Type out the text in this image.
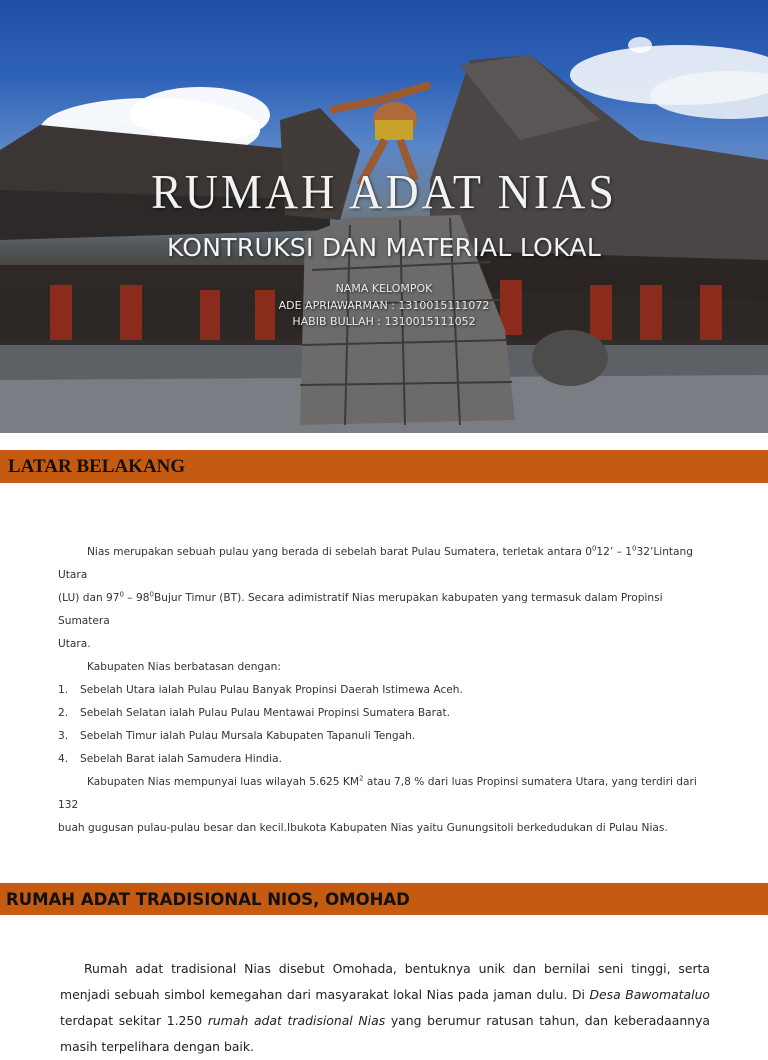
RUMAH ADAT NIAS
KONTRUKSI DAN MATERIAL LOKAL
NAMA KELOMPOK
ADE APRIAWARMAN : 1310015111072
HABIB BULLAH : 1310015111052
LATAR BELAKANG
Nias merupakan sebuah pulau yang berada di sebelah barat Pulau Sumatera, terletak antara $0^012$’ – $1^032’Lintang$ Utara
(LU) dan $97^0$ – $98^0Bujur$ Timur (BT). Secara adimistratif Nias merupakan kabupaten yang termasuk dalam Propinsi Sumatera
Utara.
Kabupaten Nias berbatasan dengan:
1.	Sebelah Utara ialah Pulau Pulau Banyak Propinsi Daerah Istimewa Aceh.
2.	Sebelah Selatan ialah Pulau Pulau Mentawai Propinsi Sumatera Barat.
3.	Sebelah Timur ialah Pulau Mursala Kabupaten Tapanuli Tengah.
4.	Sebelah Barat ialah Samudera Hindia.
Kabupaten Nias mempunyai luas wilayah 5.625 $KM^2$ atau 7,8 % dari luas Propinsi sumatera Utara, yang terdiri dari 132
buah gugusan pulau-pulau besar dan kecil.Ibukota Kabupaten Nias yaitu Gunungsitoli berkedudukan di Pulau Nias.
RUMAH ADAT TRADISIONAL NIOS, OMOHAD
Rumah adat tradisional Nias disebut Omohada, bentuknya unik dan bernilai seni tinggi, serta menjadi sebuah simbol kemegahan dari masyarakat lokal Nias pada jaman dulu. Di Desa Bawomataluo terdapat sekitar 1.250 rumah adat tradisional Nias yang berumur ratusan tahun, dan keberadaannya masih terpelihara dengan baik.
